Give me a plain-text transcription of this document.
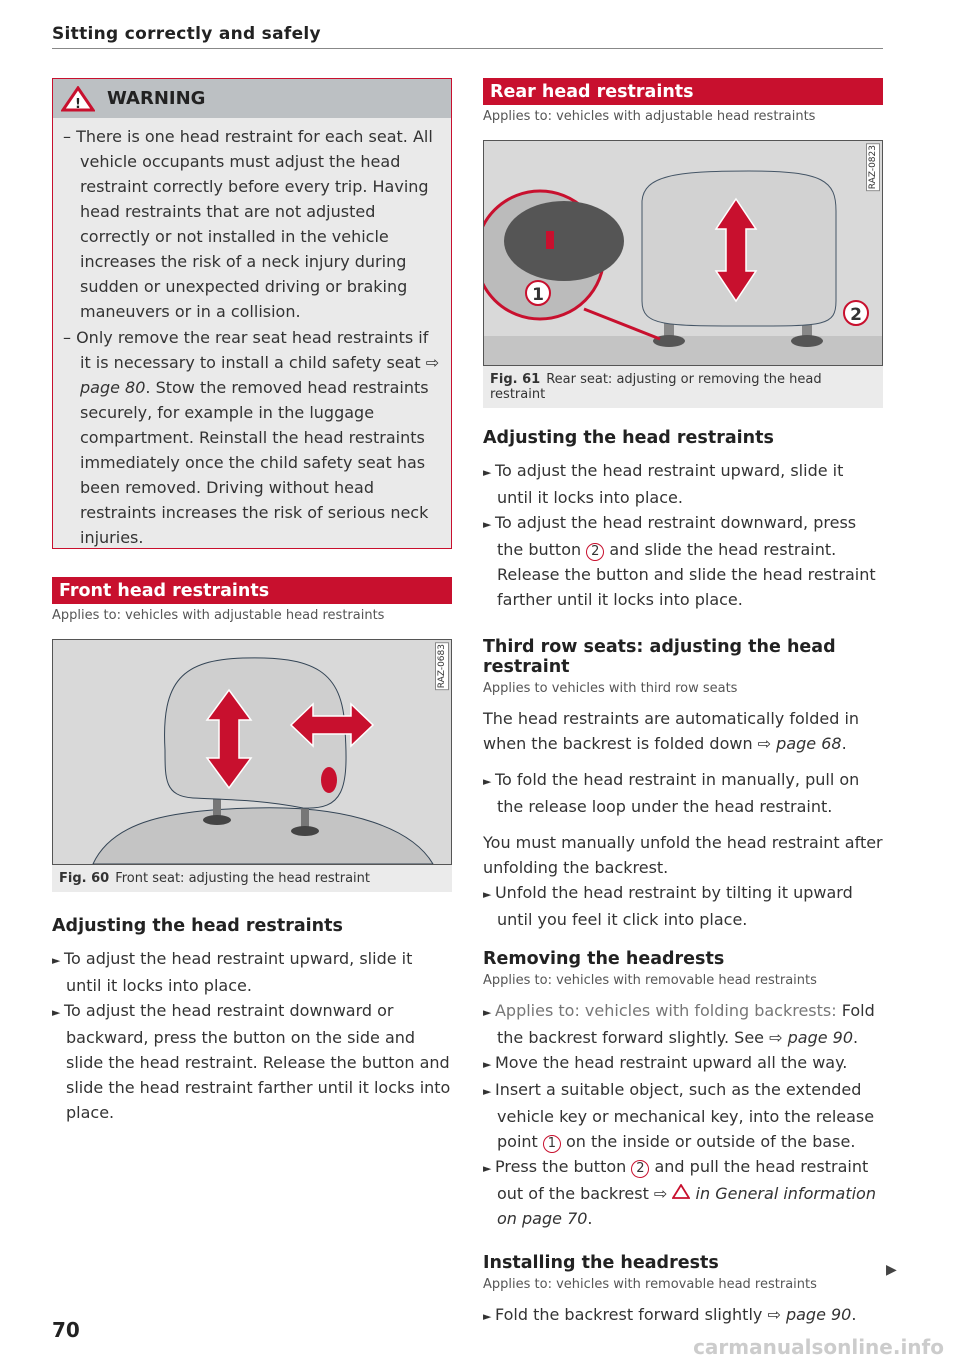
Sitting correctly and safely
! WARNING
– There is one head restraint for each seat. All vehicle occupants must adjust the head restraint correctly before every trip. Having head restraints that are not adjusted correctly or not installed in the vehicle increases the risk of a neck injury during sudden or unexpected driving or braking maneuvers or in a collision.
– Only remove the rear seat head restraints if it is necessary to install a child safety seat ⇨ page 80. Stow the removed head restraints securely, for example in the luggage compartment. Reinstall the head restraints immediately once the child safety seat has been removed. Driving without head restraints increases the risk of serious neck injuries.
Front head restraints
Applies to: vehicles with adjustable head restraints
RAZ-0683
Fig. 60 Front seat: adjusting the head restraint
Adjusting the head restraints
► To adjust the head restraint upward, slide it until it locks into place.
► To adjust the head restraint downward or backward, press the button on the side and slide the head restraint. Release the button and slide the head restraint farther until it locks into place.
Rear head restraints
Applies to: vehicles with adjustable head restraints
1
2
RAZ-0823
Fig. 61 Rear seat: adjusting or removing the head restraint
Adjusting the head restraints
► To adjust the head restraint upward, slide it until it locks into place.
► To adjust the head restraint downward, press the button 2 and slide the head restraint. Release the button and slide the head restraint farther until it locks into place.
Third row seats: adjusting the head restraint
Applies to vehicles with third row seats
The head restraints are automatically folded in when the backrest is folded down ⇨ page 68.
► To fold the head restraint in manually, pull on the release loop under the head restraint.
You must manually unfold the head restraint after unfolding the backrest.
► Unfold the head restraint by tilting it upward until you feel it click into place.
Removing the headrests
Applies to: vehicles with removable head restraints
► Applies to: vehicles with folding backrests: Fold the backrest forward slightly. See ⇨ page 90.
► Move the head restraint upward all the way.
► Insert a suitable object, such as the extended vehicle key or mechanical key, into the release point 1 on the inside or outside of the base.
► Press the button 2 and pull the head restraint out of the backrest ⇨ in General information on page 70.
Installing the headrests
Applies to: vehicles with removable head restraints
► Fold the backrest forward slightly ⇨ page 90.
▶
70
carmanualsonline.info
